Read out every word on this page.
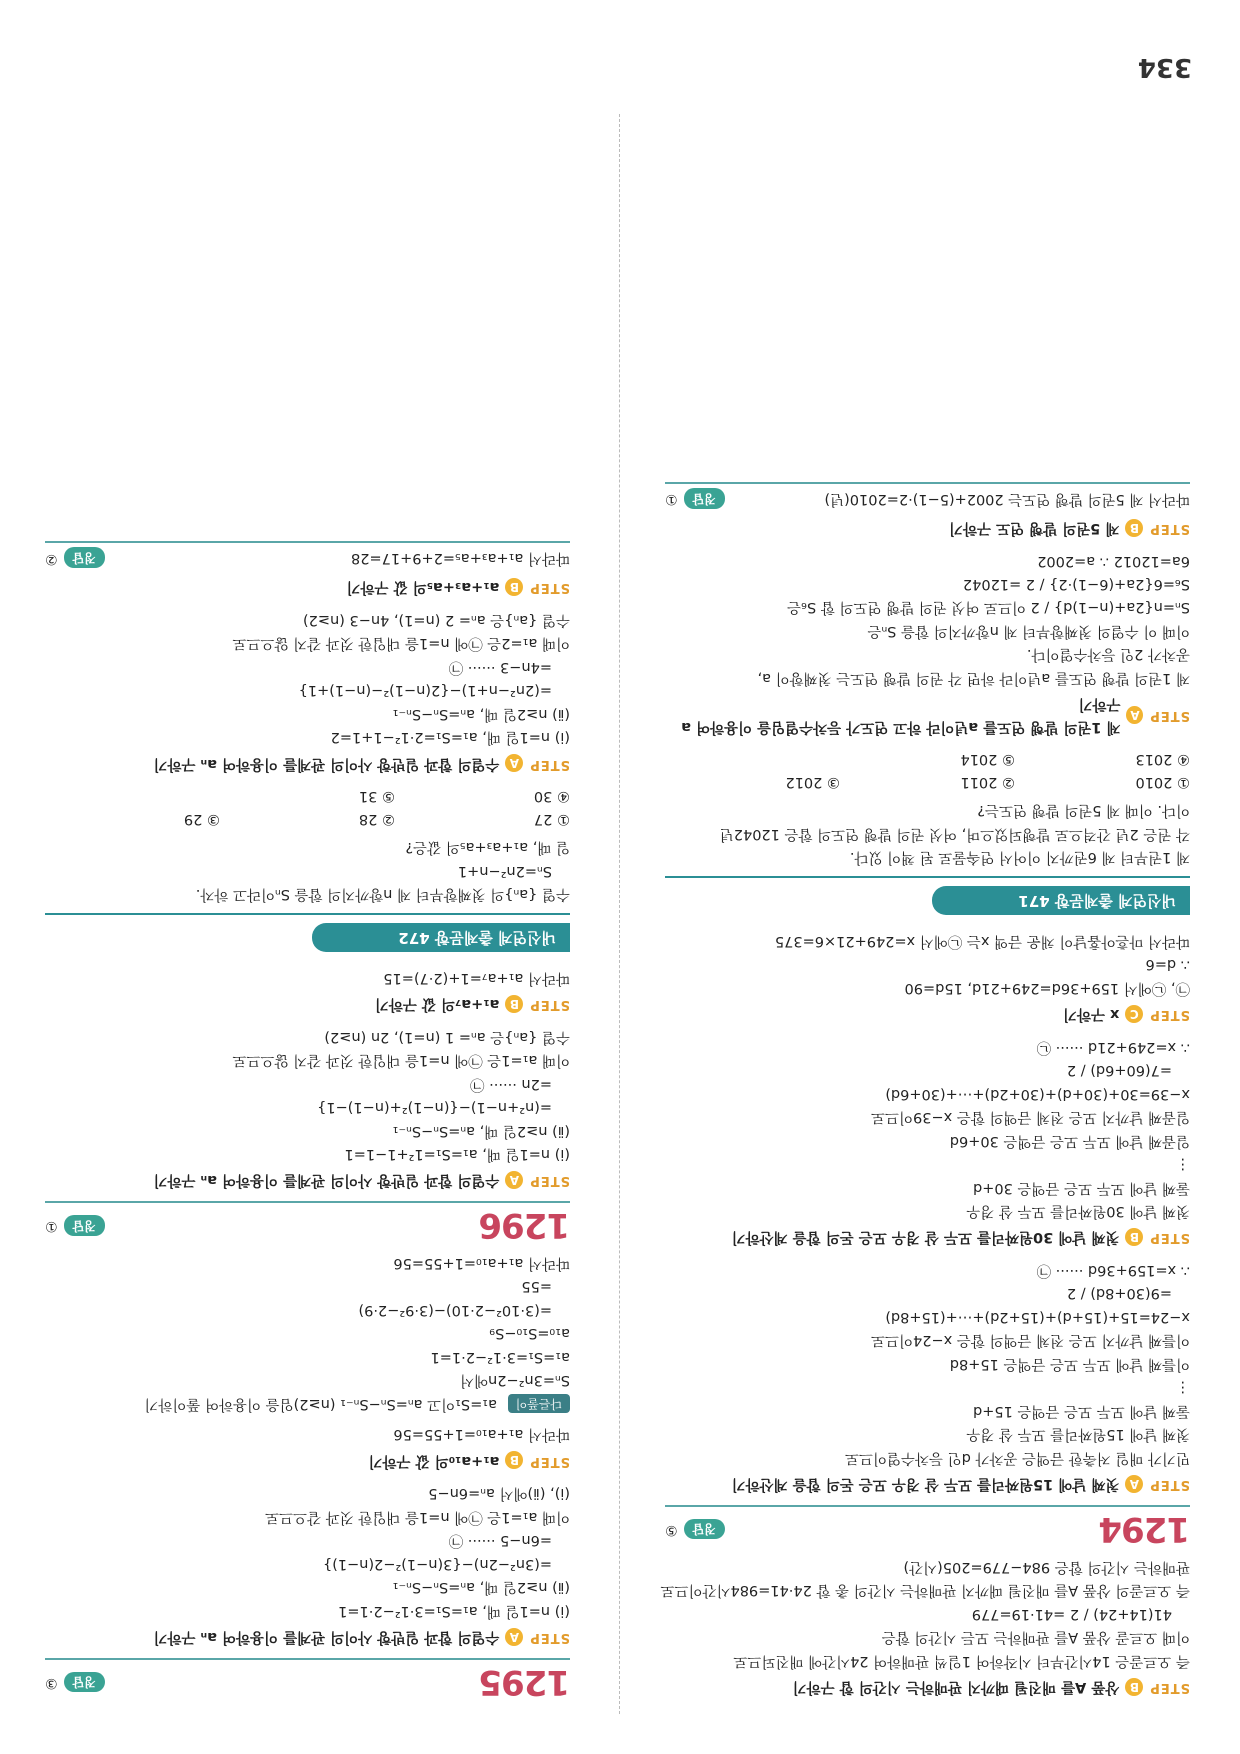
334
STEP
B
상품 A를 매진될 때까지 판매하는 시간의 합 구하기
즉 오르골은 14시간부터 시작하여 1일씩 판매하여 24시간에 매진되므로
이때 오르골 상품 A를 판매하는 모든 시간의 합은
41(14+24) / 2 =41·19=779
즉 오르골의 상품 A를 매진될 때까지 판매하는 시간의 총 합 24·41=984시간이므로
판매하는 시간의 합은 984−779=205(시간)
1294
정답
⑤
STEP
A
첫째 날에 15원짜리를 모두 살 경우 모은 돈의 합을 계산하기
민기가 매일 저축한 금액은 공차가 d인 등차수열이므로
첫째 날에 15원짜리를 모두 살 경우
둘째 날에 모두 모은 금액은 15+d
⋮
이틀째 날에 모두 모은 금액은 15+8d
이틀째 날까지 모은 전체 금액의 합은 x−24이므로
x−24=15+(15+d)+(15+2d)+⋯+(15+8d)
=9(30+8d) / 2
∴ x=159+36d ······ ㉠
STEP
B
첫째 날에 30원짜리를 모두 살 경우 모은 돈의 합을 계산하기
첫째 날에 30원짜리를 모두 살 경우
둘째 날에 모두 모은 금액은 30+d
⋮
일곱째 날에 모두 모은 금액은 30+6d
일곱째 날까지 모은 전체 금액의 합은 x−39이므로
x−39=30+(30+d)+(30+2d)+⋯+(30+6d)
=7(60+6d) / 2
∴ x=249+21d ······ ㉡
STEP
C
x 구하기
㉠, ㉡에서 159+36d=249+21d, 15d=90
∴ d=6
따라서 마흔아홉날이 채운 금액 x는 ㉡에서 x=249+21×6=375
내신연계 출제문항 471
제 1권부터 제 6권까지 이어서 연속물로 된 책이 있다.
각 권은 2년 간격으로 발행되었으며, 여섯 권의 발행 연도의 합은 12042년
이다. 이때 제 5권의 발행 연도는?
① 2010
② 2011
③ 2012
④ 2013
⑤ 2014
STEP
A
제 1권의 발행 연도를 a년이라 하고 연도가 등차수열임을 이용하여 a 구하기
제 1권의 발행 연도를 a년이라 하면 각 권의 발행 연도는 첫째항이 a,
공차가 2인 등차수열이다.
이때 이 수열의 첫째항부터 제 n항까지의 합을 Sₙ은
Sₙ=n{2a+(n−1)d} / 2 이므로 여섯 권의 발행 연도의 합 S₆은
S₆=6{2a+(6−1)·2} / 2 =12042
6a=12012 ∴ a=2002
STEP
B
제 5권의 발행 연도 구하기
따라서 제 5권의 발행 연도는 2002+(5−1)·2=2010(년)
정답
①
1295
정답
③
STEP
A
수열의 합과 일반항 사이의 관계를 이용하여 aₙ 구하기
(ⅰ) n=1일 때, a₁=S₁=3·1²−2·1=1
(ⅱ) n≥2일 때, aₙ=Sₙ−Sₙ₋₁
=(3n²−2n)−{3(n−1)²−2(n−1)}
=6n−5 ······ ㉠
이때 a₁=1은 ㉠에 n=1을 대입한 것과 같으므로
(ⅰ), (ⅱ)에서 aₙ=6n−5
STEP
B
a₁+a₁₀의 값 구하기
따라서 a₁+a₁₀=1+55=56
다른풀이 a₁=S₁이고 aₙ=Sₙ−Sₙ₋₁ (n≥2)임을 이용하여 풀이하기
Sₙ=3n²−2n에서
a₁=S₁=3·1²−2·1=1
a₁₀=S₁₀−S₉
=(3·10²−2·10)−(3·9²−2·9)
=55
따라서 a₁+a₁₀=1+55=56
1296
정답
①
STEP
A
수열의 합과 일반항 사이의 관계를 이용하여 aₙ 구하기
(ⅰ) n=1일 때, a₁=S₁=1²+1−1=1
(ⅱ) n≥2일 때, aₙ=Sₙ−Sₙ₋₁
=(n²+n−1)−{(n−1)²+(n−1)−1}
=2n ······ ㉠
이때 a₁=1은 ㉠에 n=1을 대입한 것과 같지 않으므로
수열 {aₙ}은 aₙ= 1 (n=1), 2n (n≥2)
STEP
B
a₁+a₇의 값 구하기
따라서 a₁+a₇=1+(2·7)=15
내신연계 출제문항 472
수열 {aₙ}의 첫째항부터 제 n항까지의 합을 Sₙ이라고 하자.
Sₙ=2n²−n+1
일 때, a₁+a₃+a₅의 값은?
① 27
② 28
③ 29
④ 30
⑤ 31
STEP
A
수열의 합과 일반항 사이의 관계를 이용하여 aₙ 구하기
(ⅰ) n=1일 때, a₁=S₁=2·1²−1+1=2
(ⅱ) n≥2일 때, aₙ=Sₙ−Sₙ₋₁
=(2n²−n+1)−{2(n−1)²−(n−1)+1}
=4n−3 ······ ㉠
이때 a₁=2은 ㉠에 n=1을 대입한 것과 같지 않으므로
수열 {aₙ}은 aₙ= 2 (n=1), 4n−3 (n≥2)
STEP
B
a₁+a₃+a₅의 값 구하기
따라서 a₁+a₃+a₅=2+9+17=28
정답
②
